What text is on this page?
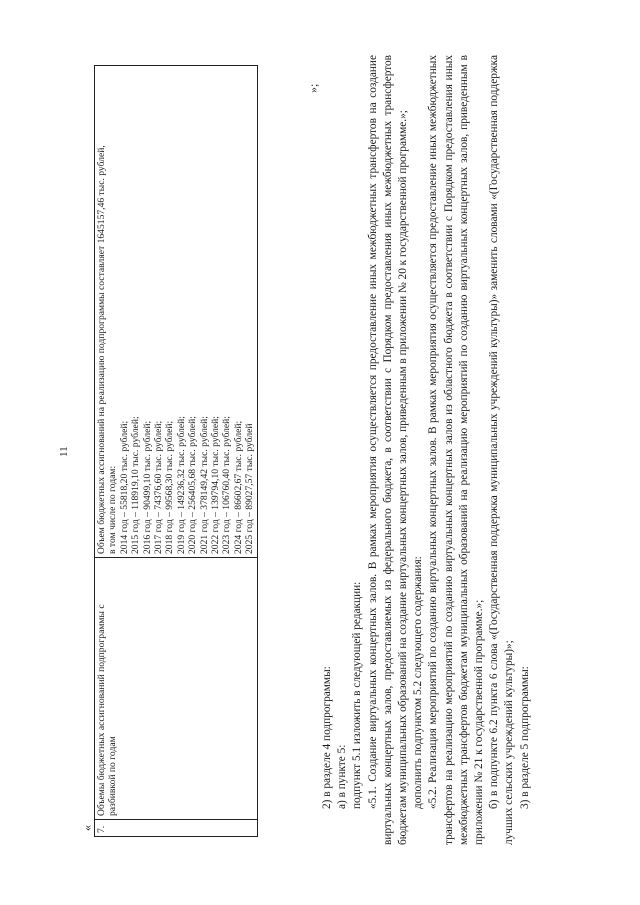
11
« 7.	Объемы бюджетных ассигнований подпрограммы с разбивкой по годам	
Объем бюджетных ассигнований на реализацию подпрограммы составляет 1645157,46 тыс. рублей, в том числе по годам: 2014 год – 55818,20 тыс. рублей; 2015 год – 118919,10 тыс. рублей; 2016 год – 90499,10 тыс. рублей; 2017 год – 74376,60 тыс. рублей; 2018 год – 99568,30 тыс. рублей; 2019 год – 149236,32 тыс. рублей; 2020 год – 256405,68 тыс. рублей; 2021 год – 378149,42 тыс. рублей; 2022 год – 139794,10 тыс. рублей; 2023 год – 106760,40 тыс. рублей; 2024 год – 86602,67 тыс. рублей; 2025 год – 89027,57 тыс. рублей
»;

2) в разделе 4 подпрограммы: а) в пункте 5: подпункт 5.1 изложить в следующей редакции: «5.1. Создание виртуальных концертных залов. В рамках мероприятия осуществляется предоставление иных межбюджетных трансфертов на создание виртуальных концертных залов, предоставляемых из федерального бюджета, в соответствии с Порядком предоставления иных межбюджетных трансфертов бюджетам муниципальных образований на создание виртуальных концертных залов, приведенным в приложении № 20 к государственной программе.»; дополнить подпунктом 5.2 следующего содержания: «5.2. Реализация мероприятий по созданию виртуальных концертных залов. В рамках мероприятия осуществляется предоставление иных межбюджетных трансфертов на реализацию мероприятий по созданию виртуальных концертных залов из областного бюджета в соответствии с Порядком предоставления иных межбюджетных трансфертов бюджетам муниципальных образований на реализацию мероприятий по созданию виртуальных концертных залов, приведенным в приложении № 21 к государственной программе.»; б) в подпункте 6.2 пункта 6 слова «(Государственная поддержка муниципальных учреждений культуры)» заменить словами «(Государственная поддержка лучших сельских учреждений культуры)»; 3) в разделе 5 подпрограммы:
